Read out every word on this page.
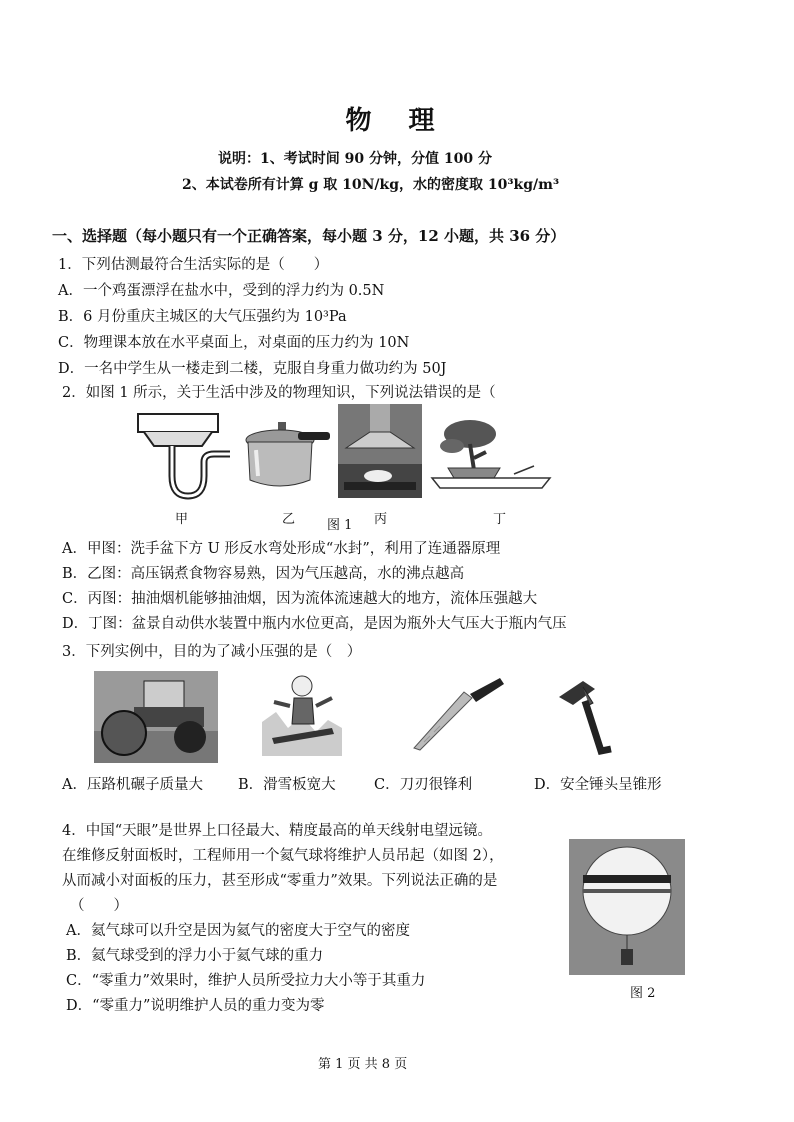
物 理
说明：1、考试时间 90 分钟，分值 100 分
2、本试卷所有计算 g 取 10N/kg，水的密度取 10³kg/m³
一、选择题（每小题只有一个正确答案，每小题 3 分，12 小题，共 36 分）
1．下列估测最符合生活实际的是（　　）
A．一个鸡蛋漂浮在盐水中，受到的浮力约为 0.5N
B．6 月份重庆主城区的大气压强约为 10³Pa
C．物理课本放在水平桌面上，对桌面的压力约为 10N
D．一名中学生从一楼走到二楼，克服自身重力做功约为 50J
2．如图 1 所示，关于生活中涉及的物理知识，下列说法错误的是（
甲	乙 图 1 丙	丁
A．甲图：洗手盆下方 U 形反水弯处形成“水封”，利用了连通器原理
B．乙图：高压锅煮食物容易熟，因为气压越高，水的沸点越高
C．丙图：抽油烟机能够抽油烟，因为流体流速越大的地方，流体压强越大
D．丁图：盆景自动供水装置中瓶内水位更高，是因为瓶外大气压大于瓶内气压
3．下列实例中，目的为了减小压强的是（　）
A．压路机碾子质量大 B．滑雪板宽大	C．刀刃很锋利	D．安全锤头呈锥形
4．中国“天眼”是世界上口径最大、精度最高的单天线射电望远镜。
在维修反射面板时，工程师用一个氦气球将维护人员吊起（如图 2），
从而减小对面板的压力，甚至形成“零重力”效果。下列说法正确的是
（　　）
A．氦气球可以升空是因为氦气的密度大于空气的密度
B．氦气球受到的浮力小于氦气球的重力
C．“零重力”效果时，维护人员所受拉力大小等于其重力
D．“零重力”说明维护人员的重力变为零
图 2
第 1 页 共 8 页
